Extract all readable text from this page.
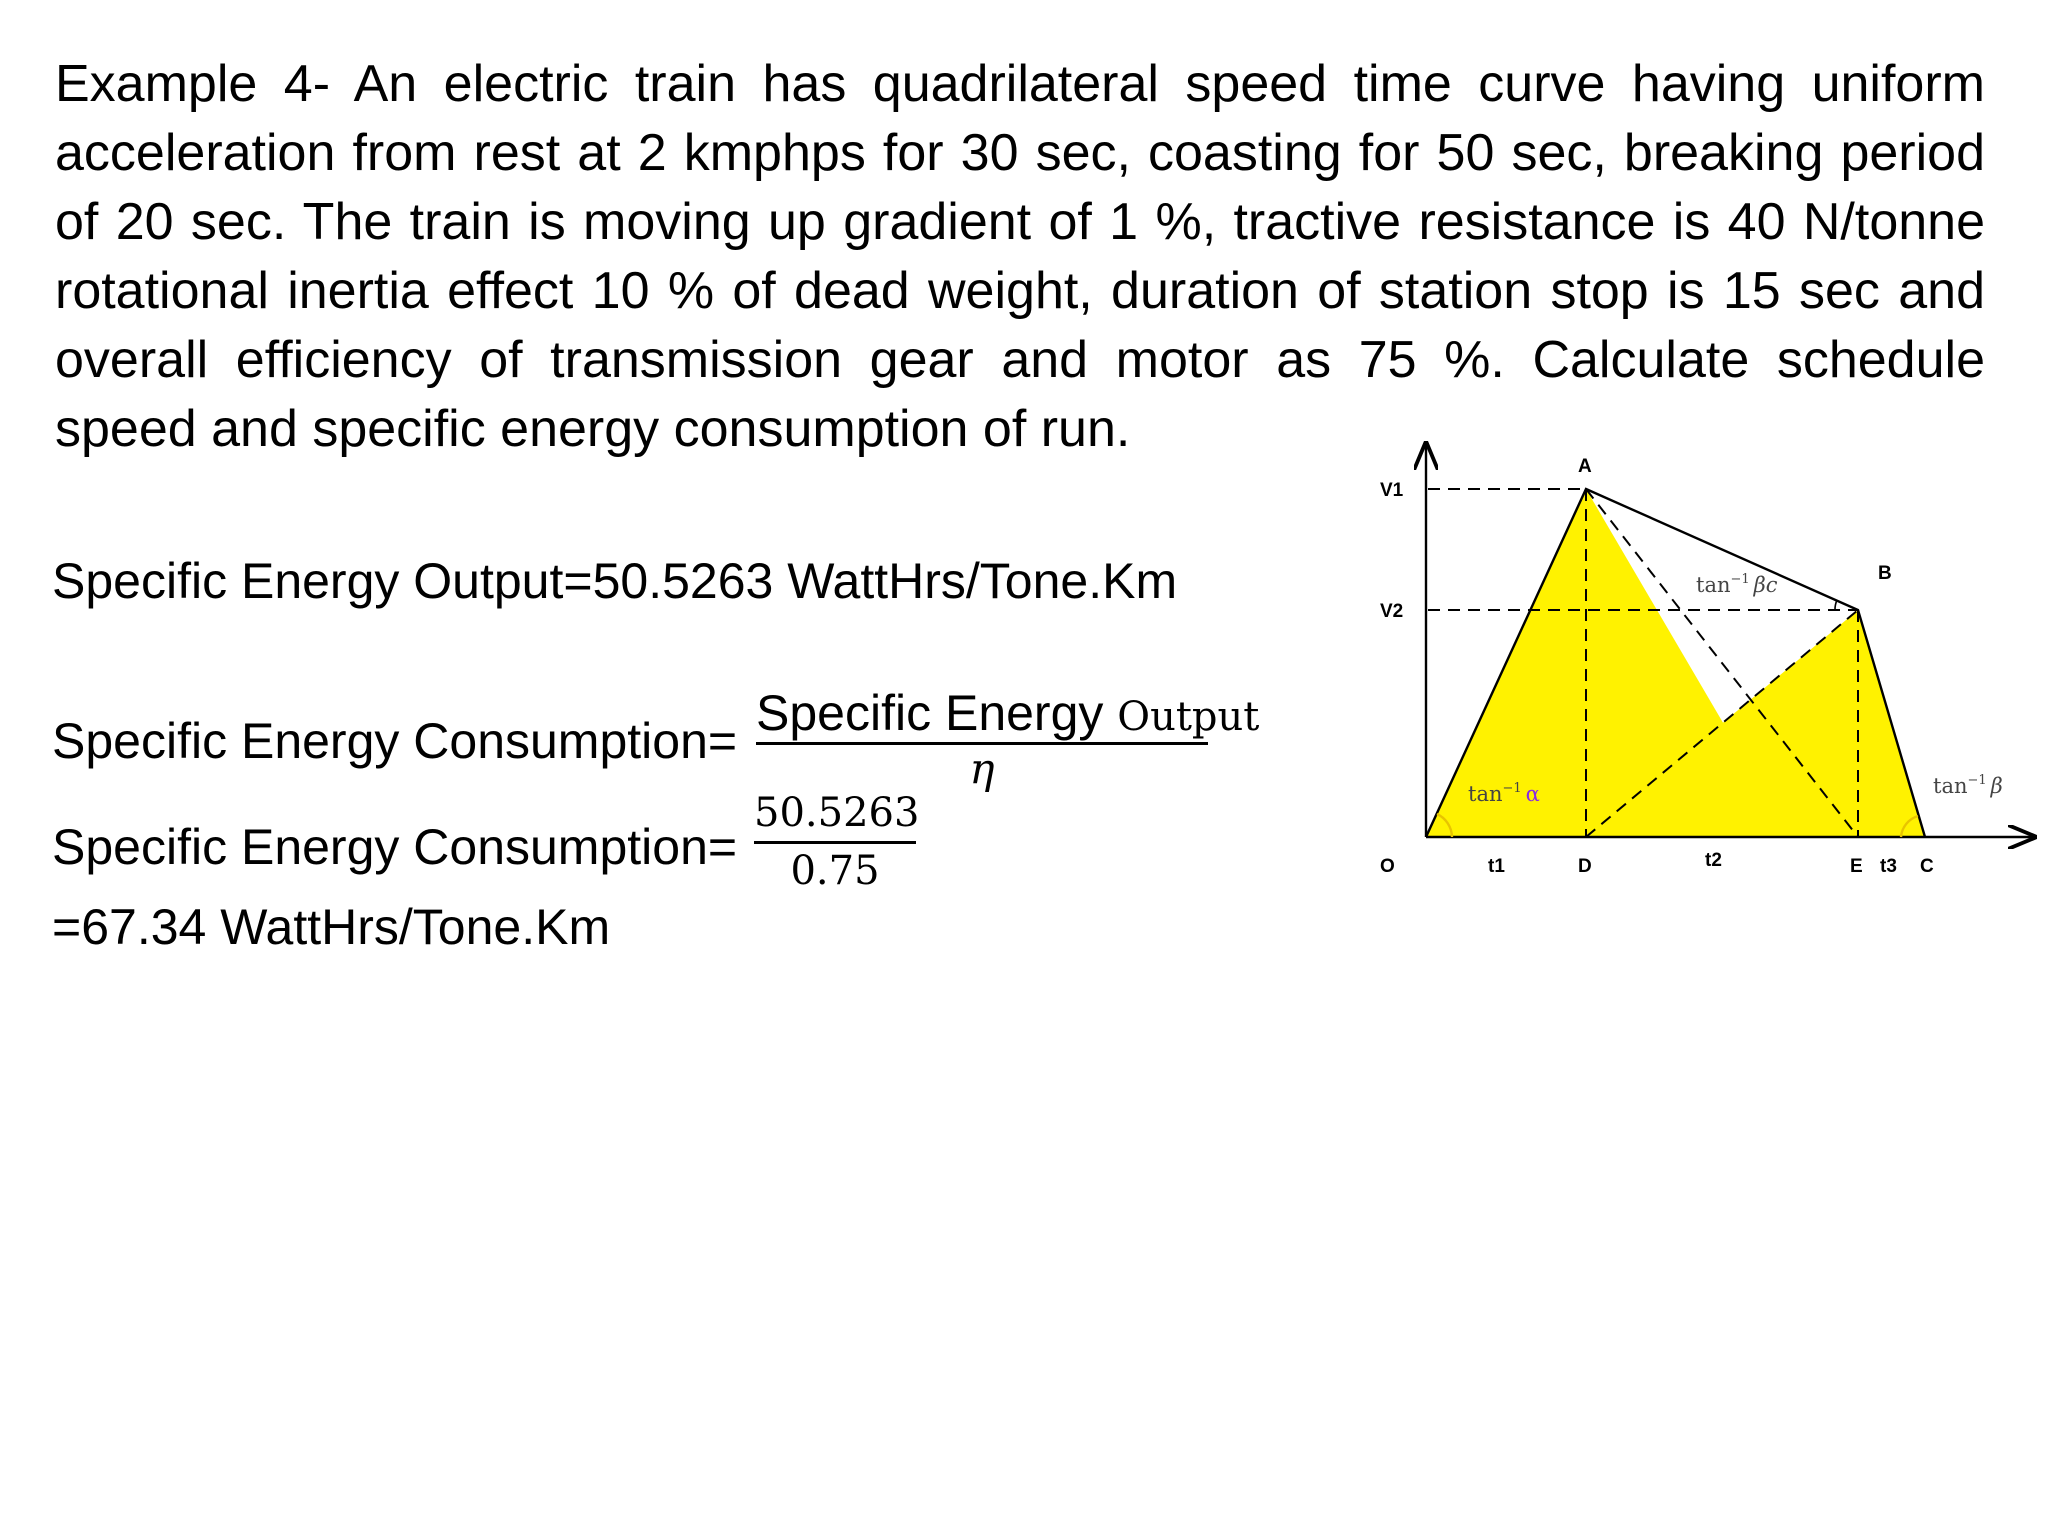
Example 4- An electric train has quadrilateral speed time curve having uniform acceleration from rest at 2 kmphps for 30 sec, coasting for 50 sec, breaking period of 20 sec. The train is moving up gradient of 1 %, tractive resistance is 40 N/tonne rotational inertia effect 10 % of dead weight, duration of station stop is 15 sec and overall efficiency of transmission gear and motor as 75 %. Calculate schedule speed and specific energy consumption of run.

Specific Energy Output=50.5263 WattHrs/Tone.Km
Specific Energy Consumption= Specific Energy Output
η
Specific Energy Consumption=
50.5263
0.75
=67.34 WattHrs/Tone.Km
V1
V2
A
B
O	t1	D	t2	E t3 C
$\tan^{-1} \alpha$
$\tan^{-1} \beta c$
$\tan^{-1} \beta$
